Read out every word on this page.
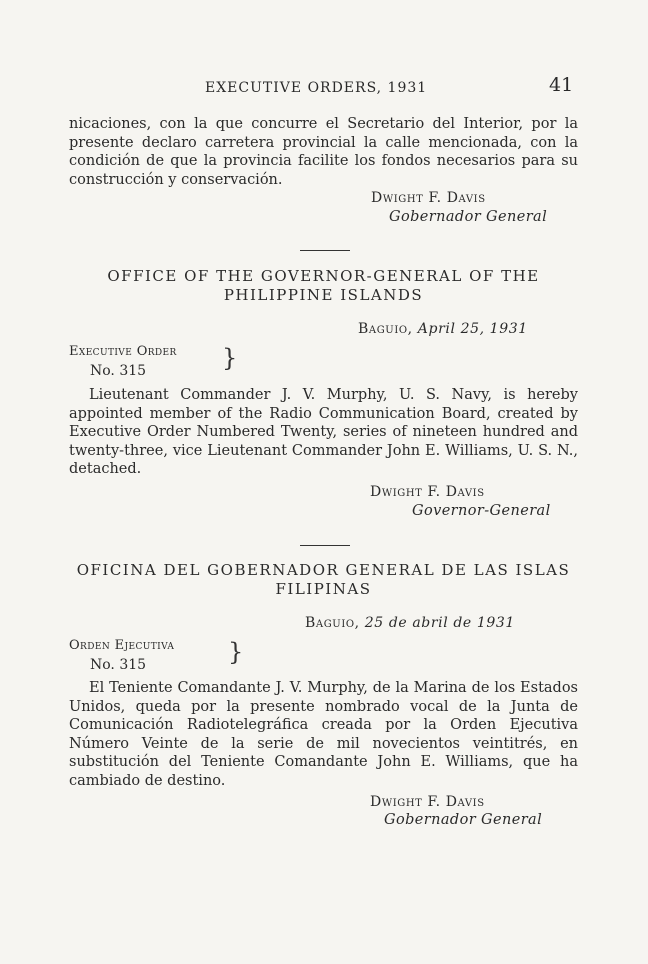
EXECUTIVE ORDERS, 1931	41

nicaciones, con la que concurre el Secretario del Interior, por la presente declaro carretera provincial la calle mencionada, con la condición de que la provincia facilite los fondos necesarios para su construcción y conservación.

Dwight F. Davis
Gobernador General

OFFICE OF THE GOVERNOR-GENERAL OF THE PHILIPPINE ISLANDS

Baguio, April 25, 1931
Executive Order
No. 315	}

Lieutenant Commander J. V. Murphy, U. S. Navy, is hereby appointed member of the Radio Communication Board, created by Executive Order Numbered Twenty, series of nineteen hundred and twenty-three, vice Lieutenant Commander John E. Williams, U. S. N., detached.

Dwight F. Davis
Governor-General

OFICINA DEL GOBERNADOR GENERAL DE LAS ISLAS FILIPINAS

Baguio, 25 de abril de 1931
Orden Ejecutiva
No. 315	}

El Teniente Comandante J. V. Murphy, de la Marina de los Estados Unidos, queda por la presente nombrado vocal de la Junta de Comunicación Radiotelegráfica creada por la Orden Ejecutiva Número Veinte de la serie de mil novecientos veintitrés, en substitución del Teniente Comandante John E. Williams, que ha cambiado de destino.

Dwight F. Davis
Gobernador General
